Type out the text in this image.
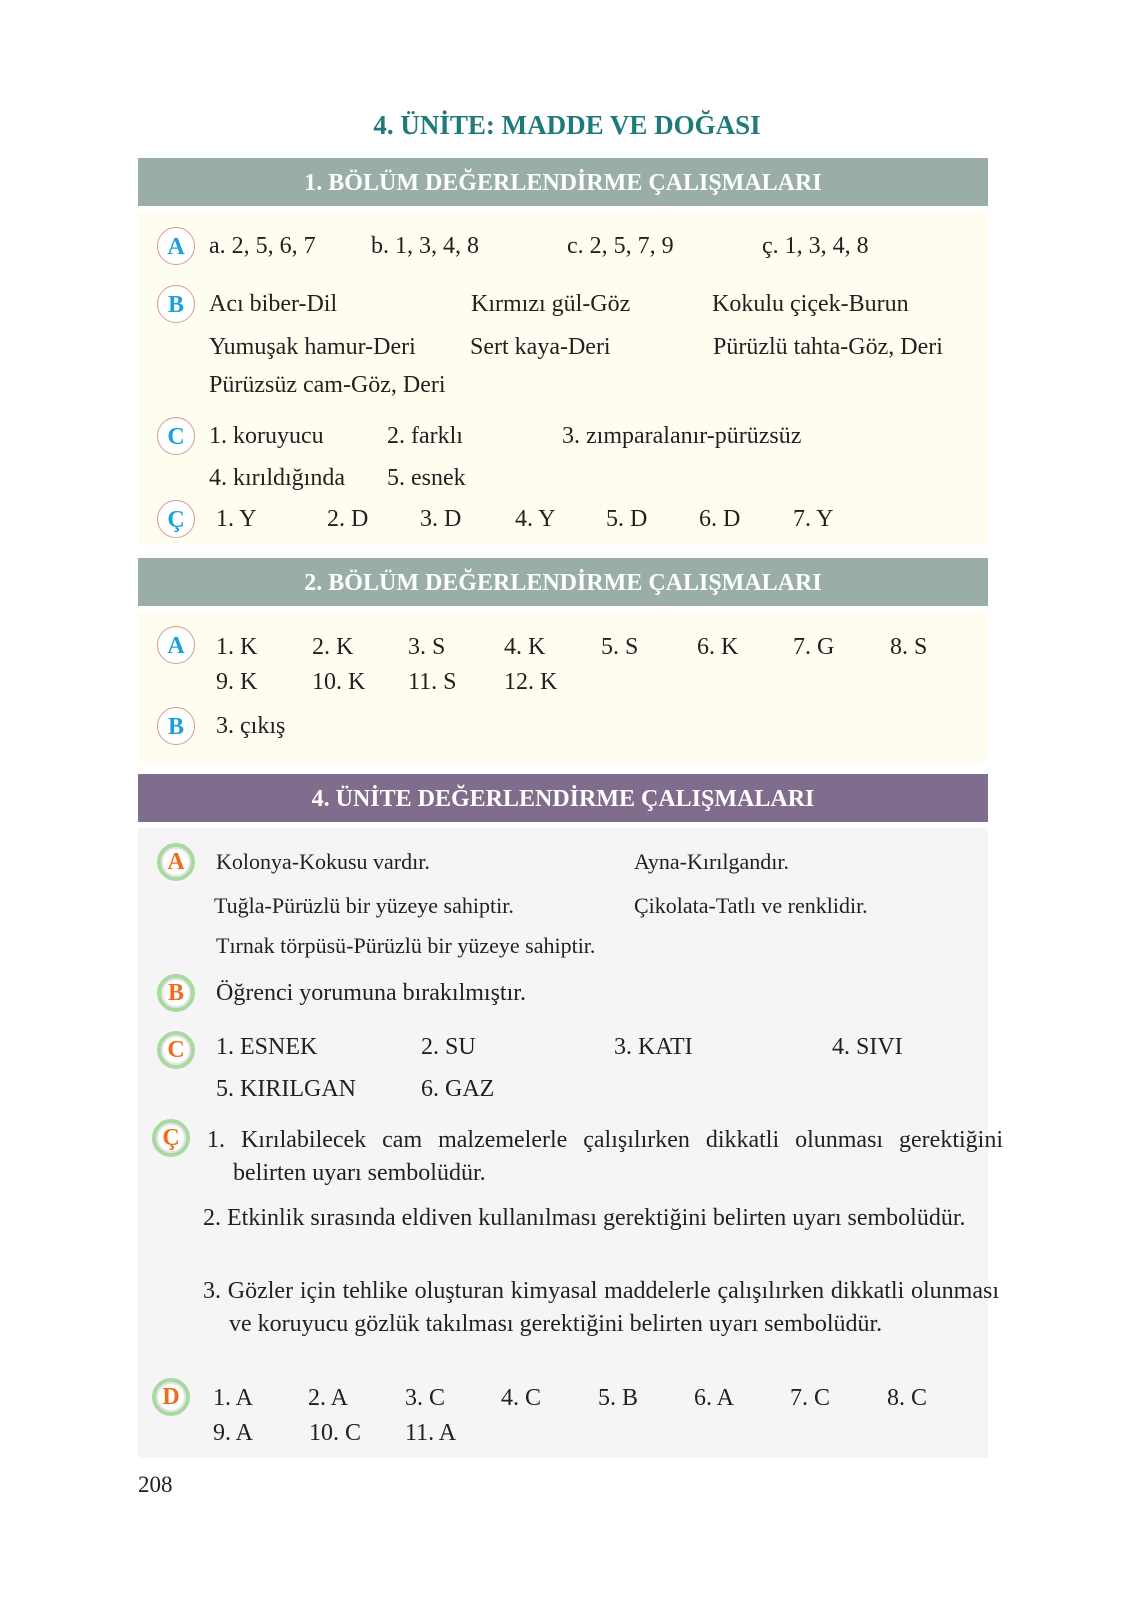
4. ÜNİTE: MADDE VE DOĞASI
1. BÖLÜM DEĞERLENDİRME ÇALIŞMALARI
2. BÖLÜM DEĞERLENDİRME ÇALIŞMALARI
4. ÜNİTE DEĞERLENDİRME ÇALIŞMALARI
A	a. 2, 5, 6, 7 b. 1, 3, 4, 8	c. 2, 5, 7, 9	ç. 1, 3, 4, 8
B	Acı biber-Dil	Kırmızı gül-Göz	Kokulu çiçek-Burun
Yumuşak hamur-Deri Sert kaya-Deri	Pürüzlü tahta-Göz, Deri
Pürüzsüz cam-Göz, Deri
C	1. koruyucu	2. farklı	3. zımparalanır-pürüzsüz
4. kırıldığında 5. esnek
Ç	1. Y	2. D 3. D 4. Y 5. D 6. D 7. Y
A	1. K 2. K 3. S 4. K 5. S 6. K 7. G 8. S
9. K 10. K 11. S 12. K
B	3. çıkış
A	Kolonya-Kokusu vardır.	Ayna-Kırılgandır.
Tuğla-Pürüzlü bir yüzeye sahiptir.	Çikolata-Tatlı ve renklidir.
Tırnak törpüsü-Pürüzlü bir yüzeye sahiptir.
B	Öğrenci yorumuna bırakılmıştır.
C	1. ESNEK	2. SU	3. KATI	4. SIVI
5. KIRILGAN	6. GAZ
Ç	1. Kırılabilecek cam malzemelerle çalışılırken dikkatli olunması gerektiğini belirten uyarı sembolüdür.
2. Etkinlik sırasında eldiven kullanılması gerektiğini belirten uyarı sembolüdür.
3. Gözler için tehlike oluşturan kimyasal maddelerle çalışılırken dikkatli olunması ve koruyucu gözlük takılması gerektiğini belirten uyarı sembolüdür.
D	1. A 2. A 3. C 4. C 5. B 6. A 7. C 8. C
9. A 10. C 11. A
208
